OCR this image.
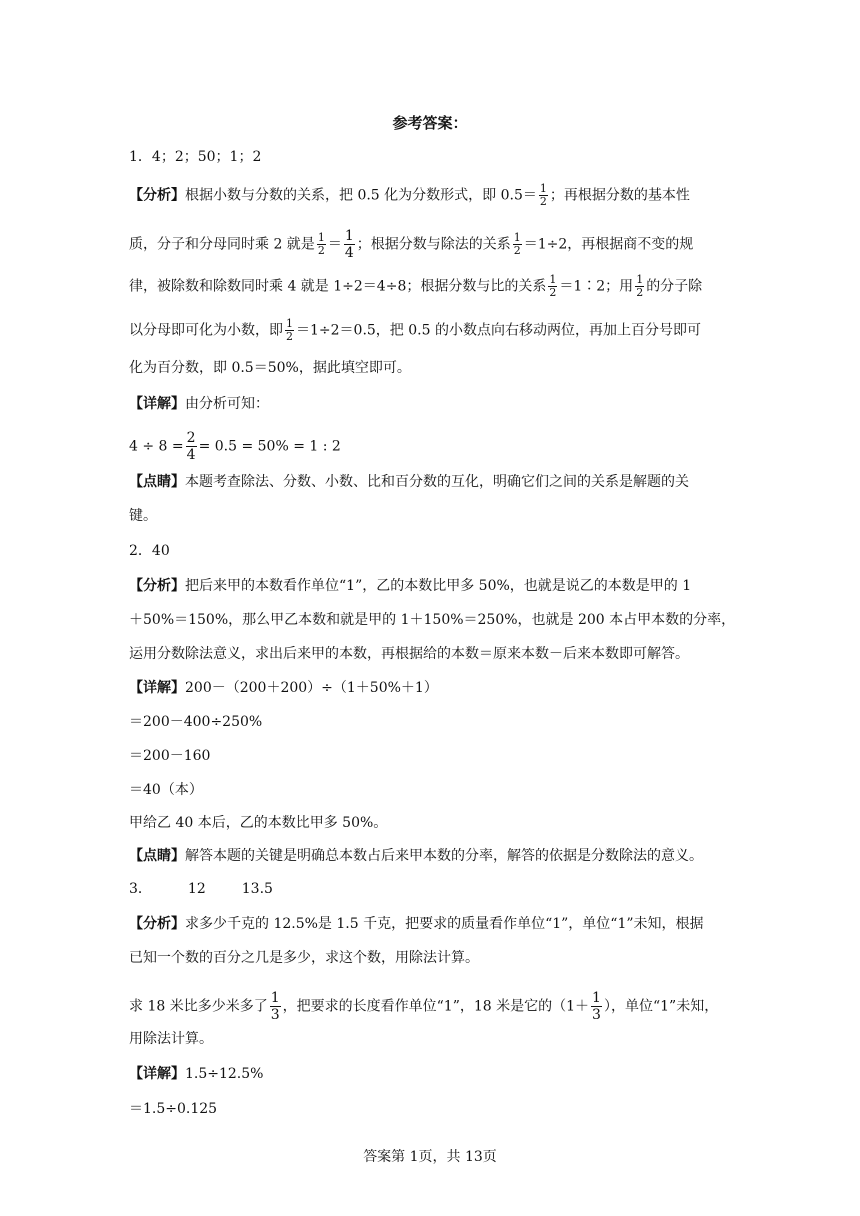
参考答案：
1．4；2；50；1；2
【分析】根据小数与分数的关系，把 0.5 化为分数形式，即 $0.5= \frac{1}{2}$ ；再根据分数的基本性
质，分子和分母同时乘 2 就是 $\frac{1}{2} = \frac{1}{4}$ ；根据分数与除法的关系 $\frac{1}{2} =1\div 2$，再根据商不变的规
律，被除数和除数同时乘 4 就是 1÷2＝4÷8；根据分数与比的关系 $\frac{1}{2}$ ＝1∶2；用 $\frac{1}{2}$ 的分子除
以分母即可化为小数，即 $\frac{1}{2} =1\div 2=0.5$，把 0.5 的小数点向右移动两位，再加上百分号即可
化为百分数，即 0.5＝50%，据此填空即可。
【详解】由分析可知：
$4 \div 8 = \frac{2}{4} = 0.5 = 50\% = 1$ : 2
【点睛】本题考查除法、分数、小数、比和百分数的互化，明确它们之间的关系是解题的关
键。
2．40
【分析】把后来甲的本数看作单位“1”，乙的本数比甲多 50%，也就是说乙的本数是甲的 1
＋50%＝150%，那么甲乙本数和就是甲的 1＋150%＝250%，也就是 200 本占甲本数的分率，
运用分数除法意义，求出后来甲的本数，再根据给的本数＝原来本数－后来本数即可解答。
【详解】200－（200＋200）÷（1＋50%＋1）
＝200－400÷250%
＝200－160
＝40（本）
甲给乙 40 本后，乙的本数比甲多 50%。
【点睛】解答本题的关键是明确总本数占后来甲本数的分率，解答的依据是分数除法的意义。
3．	12	13.5
【分析】求多少千克的 12.5%是 1.5 千克，把要求的质量看作单位“1”，单位“1”未知，根据
已知一个数的百分之几是多少，求这个数，用除法计算。
求 18 米比多少米多了 $\frac{1}{3}$ ，把要求的长度看作单位“1”，18 米是它的（$1+ \frac{1}{3}$ ），单位“1”未知，
用除法计算。
【详解】1.5÷12.5%
＝1.5÷0.125
答案第 1页，共 13页
